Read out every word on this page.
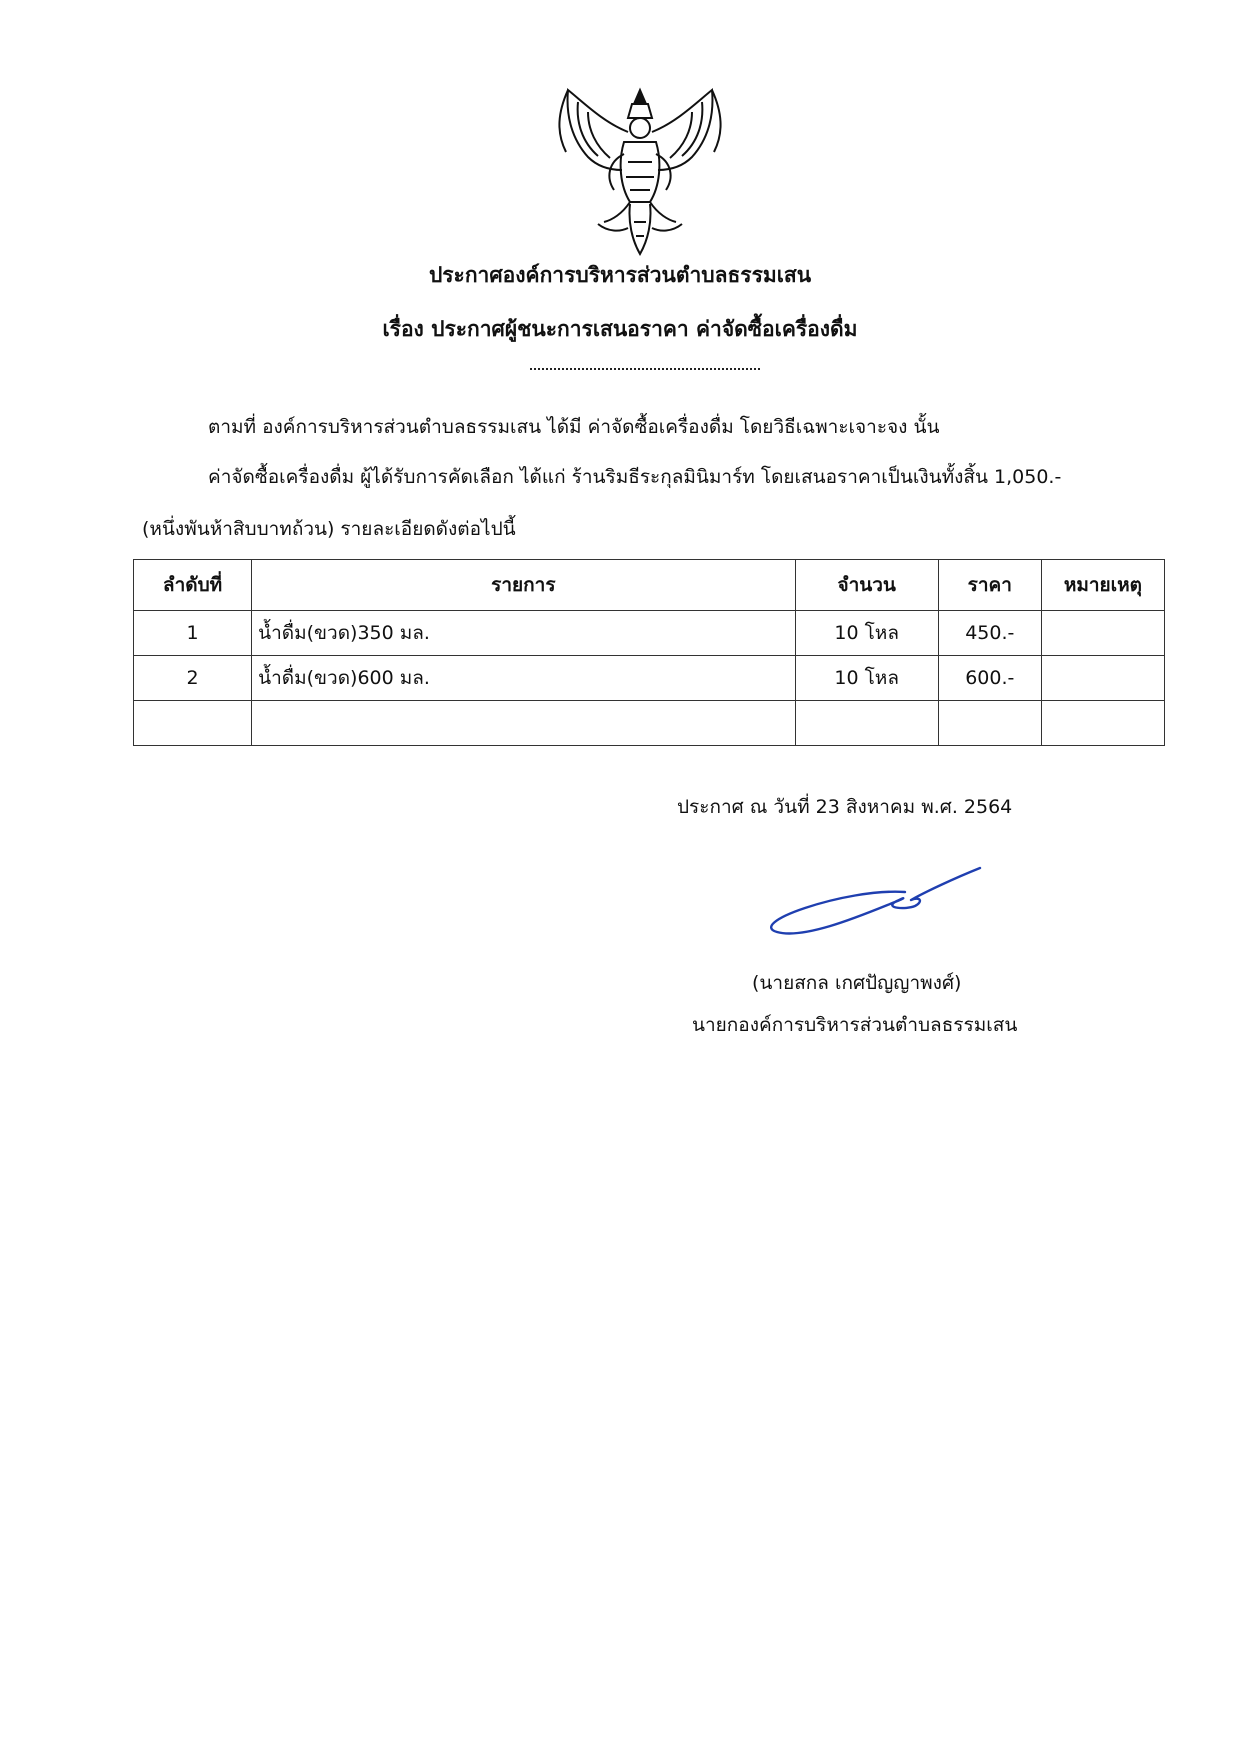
ประกาศองค์การบริหารส่วนตำบลธรรมเสน
เรื่อง ประกาศผู้ชนะการเสนอราคา ค่าจัดซื้อเครื่องดื่ม
ตามที่ องค์การบริหารส่วนตำบลธรรมเสน ได้มี ค่าจัดซื้อเครื่องดื่ม โดยวิธีเฉพาะเจาะจง นั้น
ค่าจัดซื้อเครื่องดื่ม ผู้ได้รับการคัดเลือก ได้แก่ ร้านริมธีระกุลมินิมาร์ท โดยเสนอราคาเป็นเงินทั้งสิ้น 1,050.-
(หนึ่งพันห้าสิบบาทถ้วน) รายละเอียดดังต่อไปนี้
ลำดับที่	รายการ	จำนวน	ราคา	หมายเหตุ
1	น้ำดื่ม(ขวด)350 มล.	10 โหล	450.-	
2	น้ำดื่ม(ขวด)600 มล.	10 โหล	600.-	

ประกาศ ณ วันที่ 23 สิงหาคม พ.ศ. 2564
(นายสกล เกศปัญญาพงศ์)
นายกองค์การบริหารส่วนตำบลธรรมเสน
